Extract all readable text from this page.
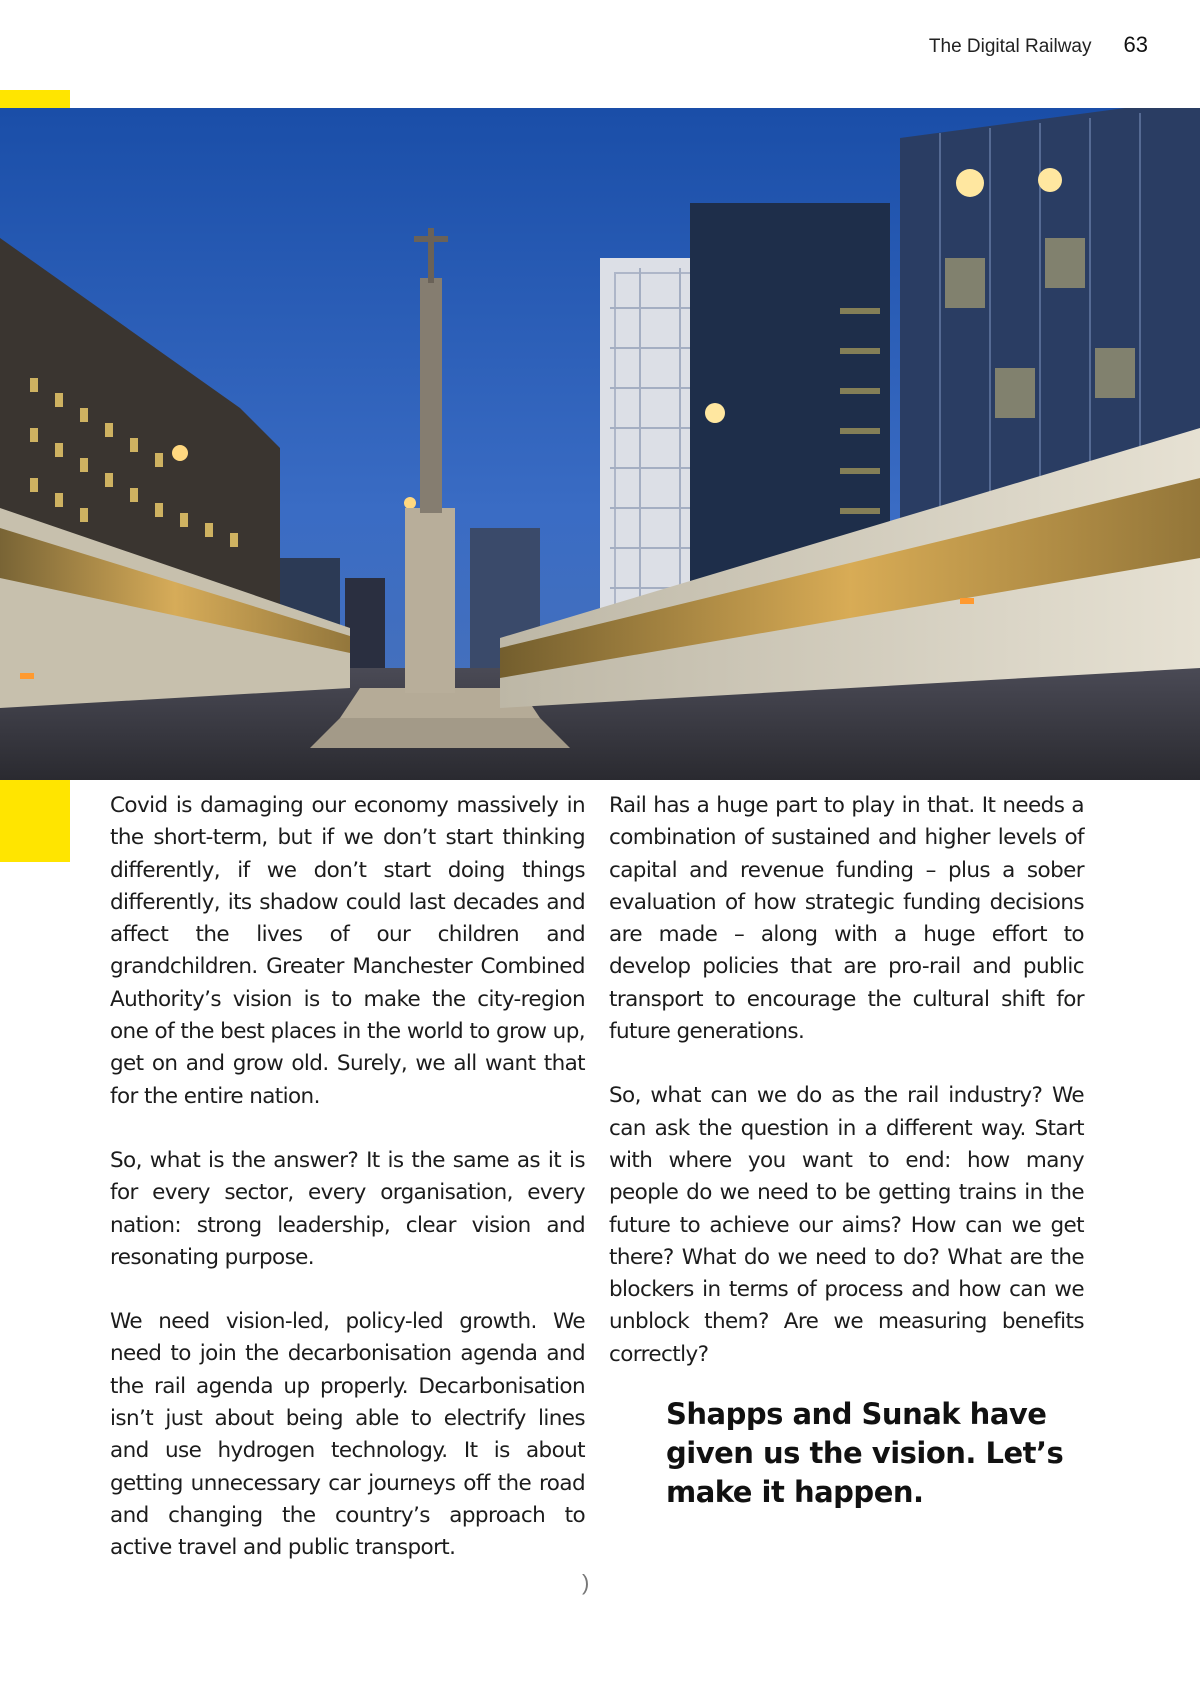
The Digital Railway 63

Covid is damaging our economy massively in the short-term, but if we don’t start thinking differently, if we don’t start doing things differently, its shadow could last decades and affect the lives of our children and grandchildren. Greater Manchester Combined Authority’s vision is to make the city-region one of the best places in the world to grow up, get on and grow old. Surely, we all want that for the entire nation.

So, what is the answer? It is the same as it is for every sector, every organisation, every nation: strong leadership, clear vision and resonating purpose.

We need vision-led, policy-led growth. We need to join the decarbonisation agenda and the rail agenda up properly. Decarbonisation isn’t just about being able to electrify lines and use hydrogen technology. It is about getting unnecessary car journeys off the road and changing the country’s approach to active travel and public transport.

Rail has a huge part to play in that. It needs a combination of sustained and higher levels of capital and revenue funding – plus a sober evaluation of how strategic funding decisions are made – along with a huge effort to develop policies that are pro-rail and public transport to encourage the cultural shift for future generations.

So, what can we do as the rail industry? We can ask the question in a different way. Start with where you want to end: how many people do we need to be getting trains in the future to achieve our aims? How can we get there? What do we need to do? What are the blockers in terms of process and how can we unblock them? Are we measuring benefits correctly?

Shapps and Sunak have given us the vision. Let’s make it happen.
)
